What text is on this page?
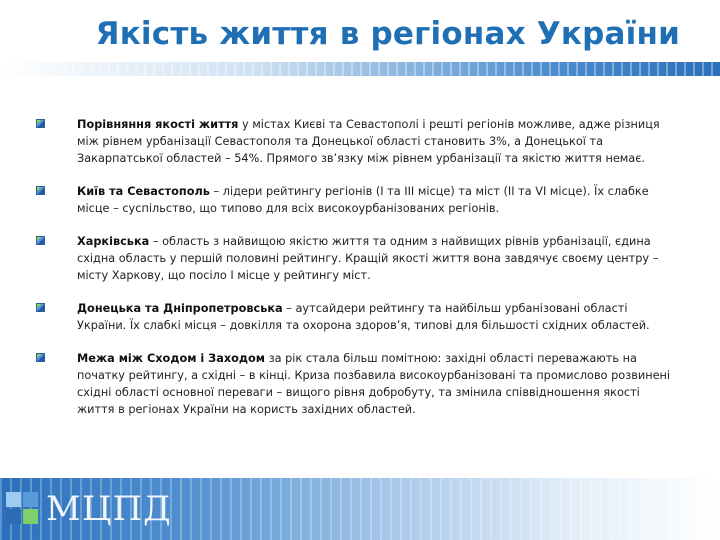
Якість життя в регіонах України
Порівняння якості життя у містах Києві та Севастополі і решті регіонів можливе, адже різниця між рівнем урбанізації Севастополя та Донецької області становить 3%, а Донецької та Закарпатської областей – 54%. Прямого зв’язку між рівнем урбанізації та якістю життя немає.
Київ та Севастополь – лідери рейтингу регіонів (І та ІІІ місце) та міст (ІІ та VI місце). Їх слабке місце – суспільство, що типово для всіх високоурбанізованих регіонів.
Харківська – область з найвищою якістю життя та одним з найвищих рівнів урбанізації, єдина східна область у першій половині рейтингу. Кращій якості життя вона завдячує своєму центру – місту Харкову, що посіло І місце у рейтингу міст.
Донецька та Дніпропетровська – аутсайдери рейтингу та найбільш урбанізовані області України. Їх слабкі місця – довкілля та охорона здоров’я, типові для більшості східних областей.
Межа між Сходом і Заходом за рік стала більш помітною: західні області переважають на початку рейтингу, а східні – в кінці. Криза позбавила високоурбанізовані та промислово розвинені східні області основної переваги – вищого рівня добробуту, та змінила співвідношення якості життя в регіонах України на користь західних областей.
МЦПД
